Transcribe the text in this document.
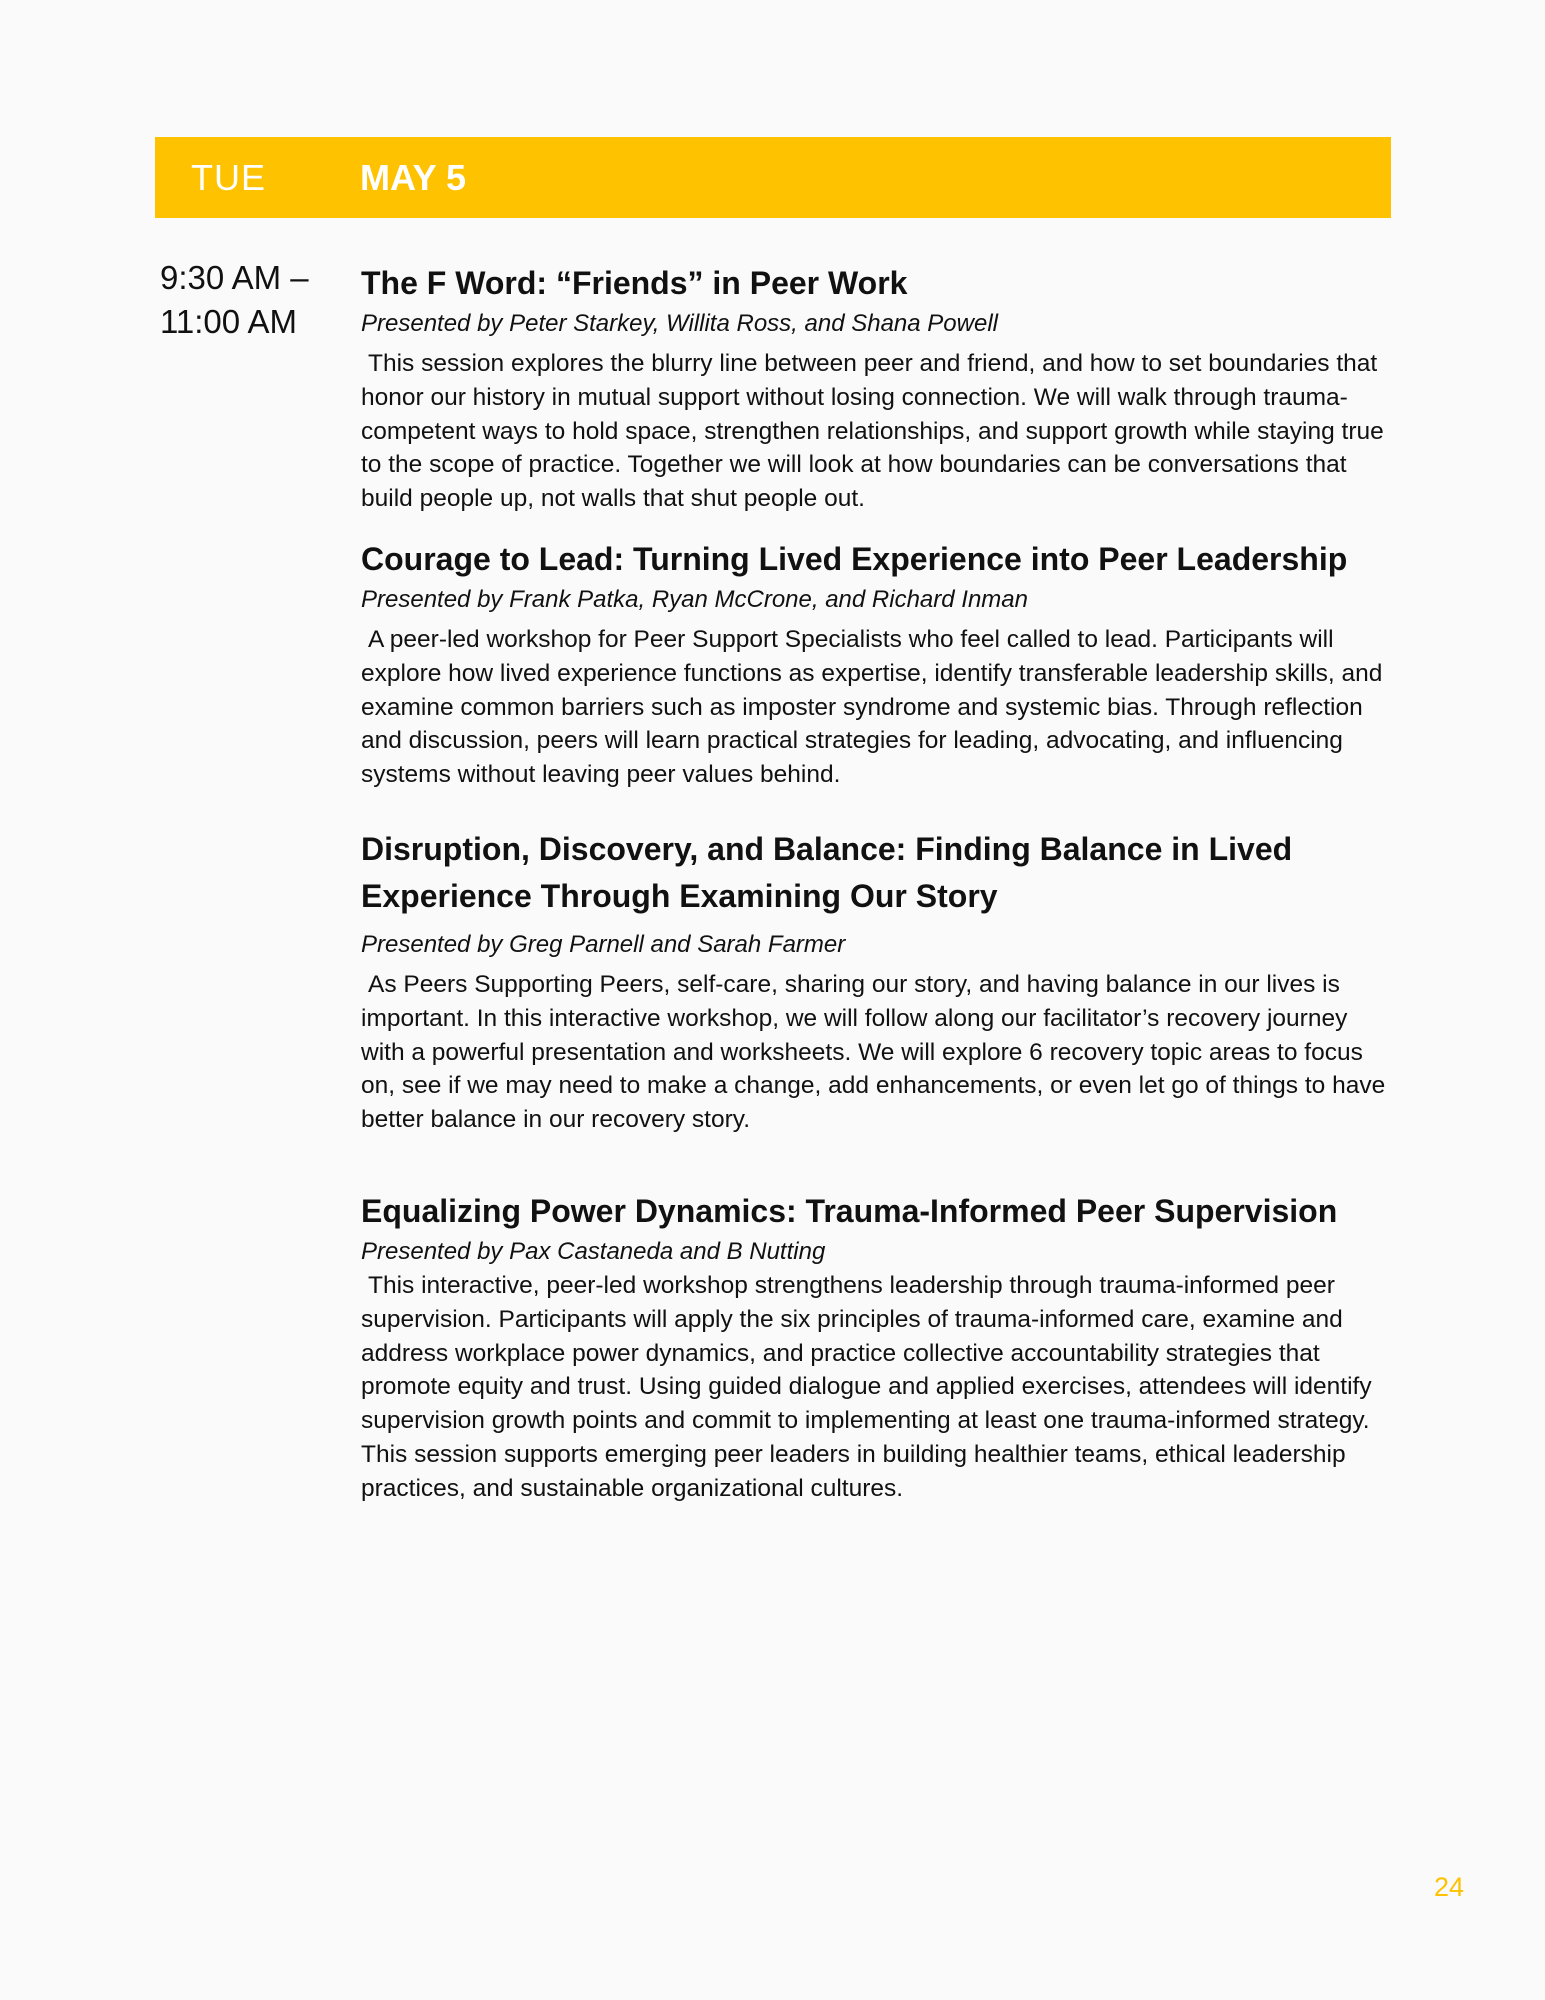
TUE	MAY 5
9:30 AM –
11:00 AM
The F Word: “Friends” in Peer Work

Presented by Peter Starkey, Willita Ross, and Shana Powell

This session explores the blurry line between peer and friend, and how to set boundaries that honor our history in mutual support without losing connection. We will walk through trauma-competent ways to hold space, strengthen relationships, and support growth while staying true to the scope of practice. Together we will look at how boundaries can be conversations that build people up, not walls that shut people out.

Courage to Lead: Turning Lived Experience into Peer Leadership

Presented by Frank Patka, Ryan McCrone, and Richard Inman

A peer-led workshop for Peer Support Specialists who feel called to lead. Participants will explore how lived experience functions as expertise, identify transferable leadership skills, and examine common barriers such as imposter syndrome and systemic bias. Through reflection and discussion, peers will learn practical strategies for leading, advocating, and influencing systems without leaving peer values behind.

Disruption, Discovery, and Balance: Finding Balance in Lived Experience Through Examining Our Story

Presented by Greg Parnell and Sarah Farmer

As Peers Supporting Peers, self-care, sharing our story, and having balance in our lives is important. In this interactive workshop, we will follow along our facilitator’s recovery journey with a powerful presentation and worksheets. We will explore 6 recovery topic areas to focus on, see if we may need to make a change, add enhancements, or even let go of things to have better balance in our recovery story.

Equalizing Power Dynamics: Trauma-Informed Peer Supervision

Presented by Pax Castaneda and B Nutting

This interactive, peer-led workshop strengthens leadership through trauma-informed peer supervision. Participants will apply the six principles of trauma-informed care, examine and address workplace power dynamics, and practice collective accountability strategies that promote equity and trust. Using guided dialogue and applied exercises, attendees will identify supervision growth points and commit to implementing at least one trauma-informed strategy. This session supports emerging peer leaders in building healthier teams, ethical leadership practices, and sustainable organizational cultures.

24
